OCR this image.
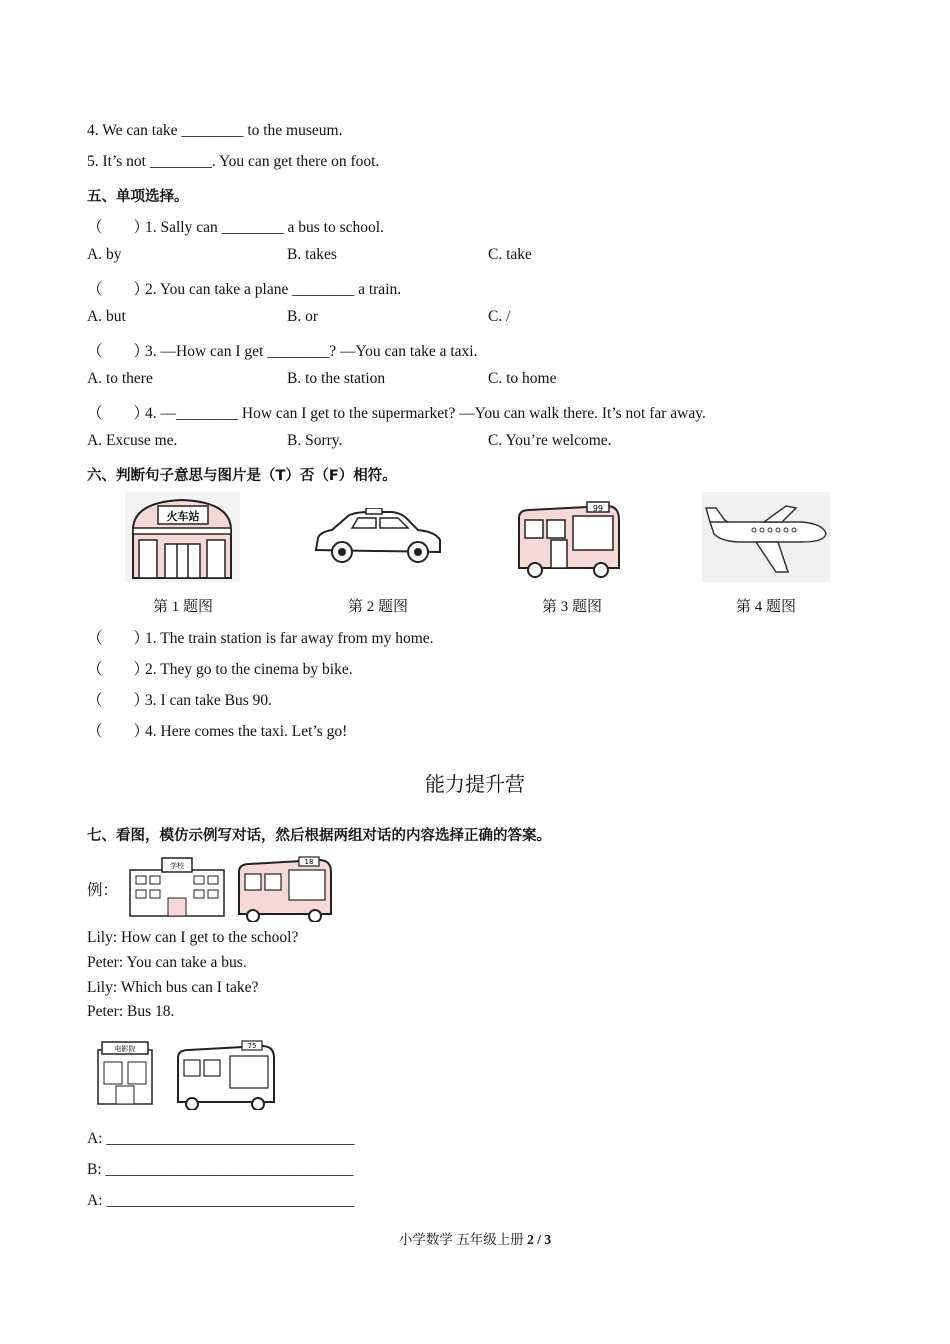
4. We can take ________ to the museum.
5. It’s not ________. You can get there on foot.
五、单项选择。
（　　）1. Sally can ________ a bus to school.
A. by	B. takes	C. take
（　　）2. You can take a plane ________ a train.
A. but	B. or	C. /
（　　）3. —How can I get ________? —You can take a taxi.
A. to there	B. to the station	C. to home
（　　）4. —________ How can I get to the supermarket? —You can walk there. It’s not far away.
A. Excuse me.	B. Sorry.	C. You’re welcome.
六、判断句子意思与图片是（T）否（F）相符。
火车站
99
第 1 题图	第 2 题图	第 3 题图	第 4 题图
（　　）1. The train station is far away from my home.
（　　）2. They go to the cinema by bike.
（　　）3. I can take Bus 90.
（　　）4. Here comes the taxi. Let’s go!
能力提升营
七、看图，模仿示例写对话，然后根据两组对话的内容选择正确的答案。
例：
学校	18
Lily: How can I get to the school?
Peter: You can take a bus.
Lily: Which bus can I take?
Peter: Bus 18.
电影院	75
A: ________________________________
B: ________________________________
A: ________________________________
小学数学 五年级上册 2 / 3
